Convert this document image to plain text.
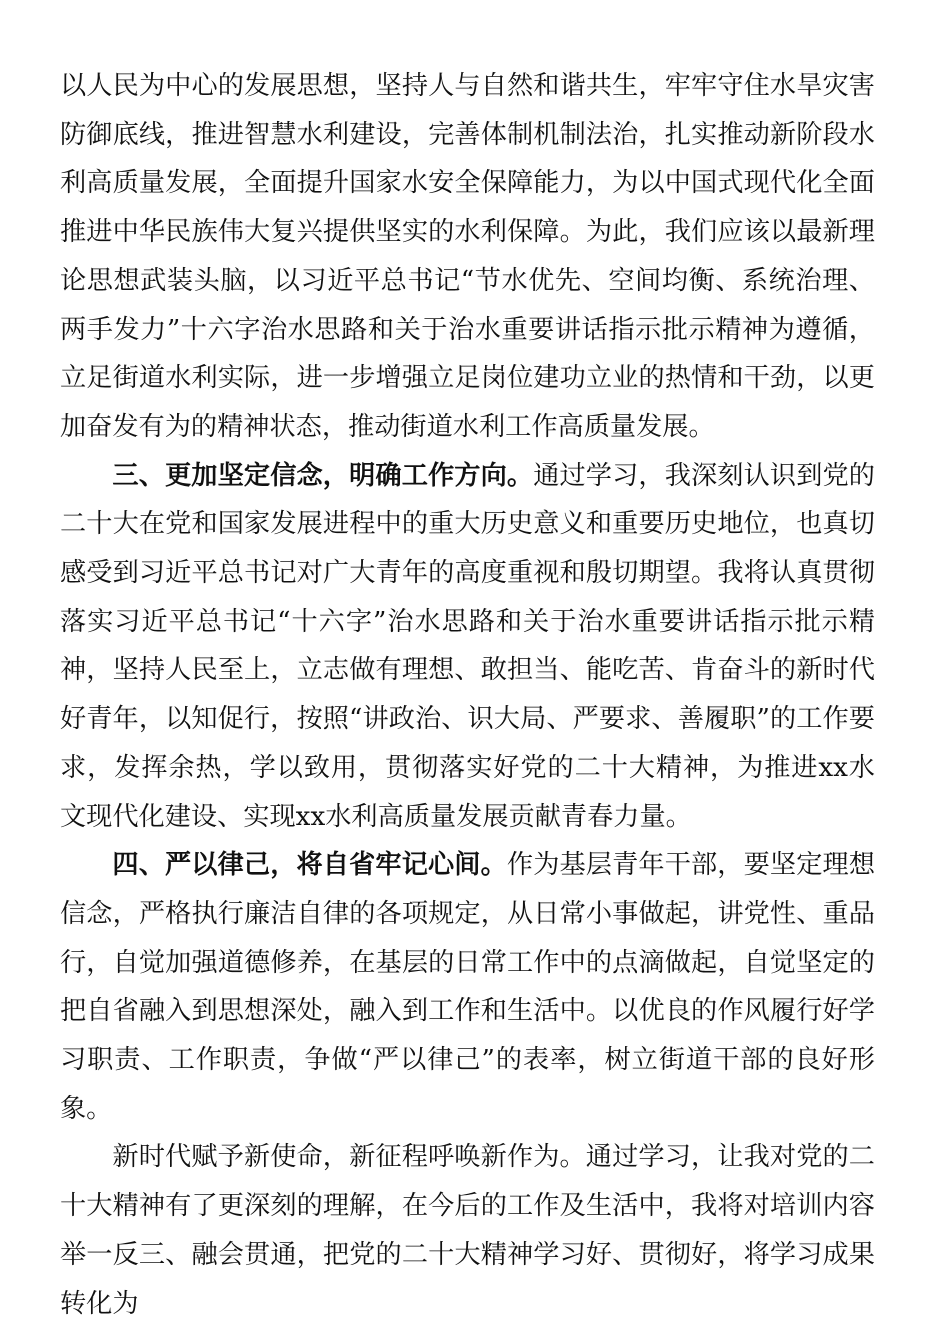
以人民为中心的发展思想，坚持人与自然和谐共生，牢牢守住水旱灾害防御底线，推进智慧水利建设，完善体制机制法治，扎实推动新阶段水利高质量发展，全面提升国家水安全保障能力，为以中国式现代化全面推进中华民族伟大复兴提供坚实的水利保障。为此，我们应该以最新理论思想武装头脑，以习近平总书记“节水优先、空间均衡、系统治理、两手发力”十六字治水思路和关于治水重要讲话指示批示精神为遵循，立足街道水利实际，进一步增强立足岗位建功立业的热情和干劲，以更加奋发有为的精神状态，推动街道水利工作高质量发展。

三、更加坚定信念，明确工作方向。通过学习，我深刻认识到党的二十大在党和国家发展进程中的重大历史意义和重要历史地位，也真切感受到习近平总书记对广大青年的高度重视和殷切期望。我将认真贯彻落实习近平总书记“十六字”治水思路和关于治水重要讲话指示批示精神，坚持人民至上，立志做有理想、敢担当、能吃苦、肯奋斗的新时代好青年，以知促行，按照“讲政治、识大局、严要求、善履职”的工作要求，发挥余热，学以致用，贯彻落实好党的二十大精神，为推进xx水文现代化建设、实现xx水利高质量发展贡献青春力量。

四、严以律己，将自省牢记心间。作为基层青年干部，要坚定理想信念，严格执行廉洁自律的各项规定，从日常小事做起，讲党性、重品行，自觉加强道德修养，在基层的日常工作中的点滴做起，自觉坚定的把自省融入到思想深处，融入到工作和生活中。以优良的作风履行好学习职责、工作职责，争做“严以律己”的表率，树立街道干部的良好形象。

新时代赋予新使命，新征程呼唤新作为。通过学习，让我对党的二十大精神有了更深刻的理解，在今后的工作及生活中，我将对培训内容举一反三、融会贯通，把党的二十大精神学习好、贯彻好，将学习成果转化为
